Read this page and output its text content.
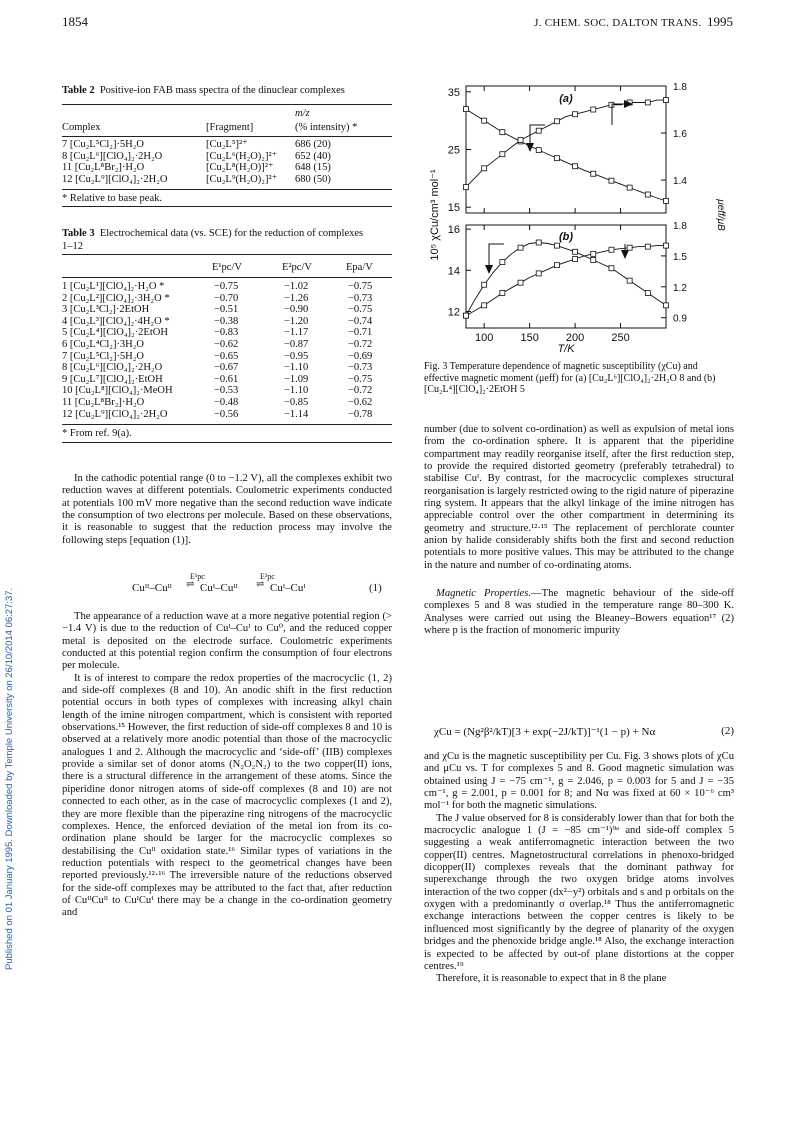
Published on 01 January 1995. Downloaded by Temple University on 26/10/2014 06:27:37.
1854	J. CHEM. SOC. DALTON TRANS. 1995
Table 2 Positive-ion FAB mass spectra of the dinuclear complexes
m/z
Complex	[Fragment]	(% intensity) *
7 [Cu₂L⁵Cl₂]·5H₂O	[Cu₂L⁵]²⁺	686 (20)
8 [Cu₂L⁶][ClO₄]₂·2H₂O	[Cu₂L⁶(H₂O)₂]²⁺ 652 (40)
11 [Cu₂L⁸Br₂]·H₂O	[Cu₂L⁸(H₂O)]²⁺ 648 (15)
12 [Cu₂L⁹][ClO₄]₂·2H₂O	[Cu₂L⁹(H₂O)₂]²⁺ 680 (50)
* Relative to base peak.
Table 3 Electrochemical data (vs. SCE) for the reduction of complexes
1–12
E¹pc/V	E²pc/V	Epa/V
1 [Cu₂L¹][ClO₄]₂·H₂O *	−0.75	−1.02	−0.75
2 [Cu₂L²][ClO₄]₂·3H₂O *	−0.70	−1.26	−0.73
3 [Cu₂L³Cl₂]·2EtOH	−0.51	−0.90	−0.75
4 [Cu₂L³][ClO₄]₂·4H₂O *	−0.38	−1.20	−0.74
5 [Cu₂L⁴][ClO₄]₂·2EtOH	−0.83	−1.17	−0.71
6 [Cu₂L⁴Cl₂]·3H₂O	−0.62	−0.87	−0.72
7 [Cu₂L⁵Cl₂]·5H₂O	−0.65	−0.95	−0.69
8 [Cu₂L⁶][ClO₄]₂·2H₂O	−0.67	−1.10	−0.73
9 [Cu₂L⁷][ClO₄]₂·EtOH	−0.61	−1.09	−0.75
10 [Cu₂L⁸][ClO₄]₂·MeOH	−0.53	−1.10	−0.72
11 [Cu₂L⁸Br₂]·H₂O	−0.48	−0.85	−0.62
12 [Cu₂L⁹][ClO₄]₂·2H₂O	−0.56	−1.14	−0.78
* From ref. 9(a).

In the cathodic potential range (0 to −1.2 V), all the complexes exhibit two reduction waves at different potentials. Coulometric experiments conducted at potentials 100 mV more negative than the second reduction wave indicate the consumption of two electrons per molecule. Based on these observations, it is reasonable to suggest that the reduction process may involve the following steps [equation (1)].

Cuᴵᴵ–Cuᴵᴵ
E¹pc
⇌ Cuᴵ–Cuᴵᴵ
E²pc
⇌ Cuᴵ–Cuᴵ	(1)

The appearance of a reduction wave at a more negative potential region (> −1.4 V) is due to the reduction of Cuᴵ–Cuᴵ to Cu⁰, and the reduced copper metal is deposited on the electrode surface. Coulometric experiments conducted at this potential region confirm the consumption of four electrons per molecule.

It is of interest to compare the redox properties of the macrocyclic (1, 2) and side-off complexes (8 and 10). An anodic shift in the first reduction potential occurs in both types of complexes with increasing alkyl chain length of the imine nitrogen compartment, which is consistent with reported observations.¹⁵ However, the first reduction of side-off complexes 8 and 10 is observed at a relatively more anodic potential than those of the macrocyclic analogues 1 and 2. Although the macrocyclic and ‘side-off’ (IIB) complexes provide a similar set of donor atoms (N₂O₂N₂) to the two copper(II) ions, there is a structural difference in the arrangement of these atoms. Since the piperidine donor nitrogen atoms of side-off complexes (8 and 10) are not connected to each other, as in the case of macrocyclic complexes (1 and 2), they are more flexible than the piperazine ring nitrogens of the macrocyclic complexes. Hence, the enforced deviation of the metal ion from its co-ordination plane should be larger for the macrocyclic complexes so destabilising the Cuᴵᴵ oxidation state.¹⁶ Similar types of variations in the reduction potentials with respect to the geometrical changes have been reported previously.¹²·¹⁶ The irreversible nature of the reductions observed for the side-off complexes may be attributed to the fact that, after reduction of CuᴵᴵCuᴵᴵ to CuᴵCuᴵ there may be a change in the co-ordination geometry and

15
25
35
1.4
1.6
1.8
(a)
12
14
16
0.9
1.2
1.5
1.8
(b)
100 150 200 250
10⁵ χCu/cm³ mol⁻¹	μeff/μB
T/K
Fig. 3 Temperature dependence of magnetic susceptibility (χCu) and effective magnetic moment (μeff) for (a) [Cu₂L⁶][ClO₄]₂·2H₂O 8 and (b) [Cu₂L⁴][ClO₄]₂·2EtOH 5

number (due to solvent co-ordination) as well as expulsion of metal ions from the co-ordination sphere. It is apparent that the piperidine compartment may readily reorganise itself, after the first reduction step, to provide the required distorted geometry (preferably tetrahedral) to stabilise Cuᴵ. By contrast, for the macrocyclic complexes structural reorganisation is largely restricted owing to the rigid nature of piperazine ring system. It appears that the alkyl linkage of the imine nitrogen has appreciable control over the other compartment in determining its geometry and structure.¹²·¹⁵ The replacement of perchlorate counter anion by halide considerably shifts both the first and second reduction potentials to more positive values. This may be attributed to the change in the nature and number of co-ordinating atoms.

Magnetic Properties.—The magnetic behaviour of the side-off complexes 5 and 8 was studied in the temperature range 80–300 K. Analyses were carried out using the Bleaney–Bowers equation¹⁷ (2) where p is the fraction of monomeric impurity

χCu = (Ng²β²/kT)[3 + exp(−2J/kT)]⁻¹(1 − p) + Nα	(2)

and χCu is the magnetic susceptibility per Cu. Fig. 3 shows plots of χCu and μCu vs. T for complexes 5 and 8. Good magnetic simulation was obtained using J = −75 cm⁻¹, g = 2.046, p = 0.003 for 5 and J = −35 cm⁻¹, g = 2.001, p = 0.001 for 8; and Nα was fixed at 60 × 10⁻⁶ cm³ mol⁻¹ for both the magnetic simulations.

The J value observed for 8 is considerably lower than that for both the macrocyclic analogue 1 (J = −85 cm⁻¹)⁹ᵃ and side-off complex 5 suggesting a weak antiferromagnetic interaction between the two copper(II) centres. Magnetostructural correlations in phenoxo-bridged dicopper(II) complexes reveals that the dominant pathway for superexchange through the two oxygen bridge atoms involves interaction of the two copper (dx²−y²) orbitals and s and p orbitals on the oxygen with a predominantly σ overlap.¹⁸ Thus the antiferromagnetic exchange interactions between the copper centres is likely to be influenced most significantly by the degree of planarity of the oxygen bridges and the phenoxide bridge angle.¹⁸ Also, the exchange interaction is expected to be affected by out-of plane distortions at the copper centres.¹⁹

Therefore, it is reasonable to expect that in 8 the plane
